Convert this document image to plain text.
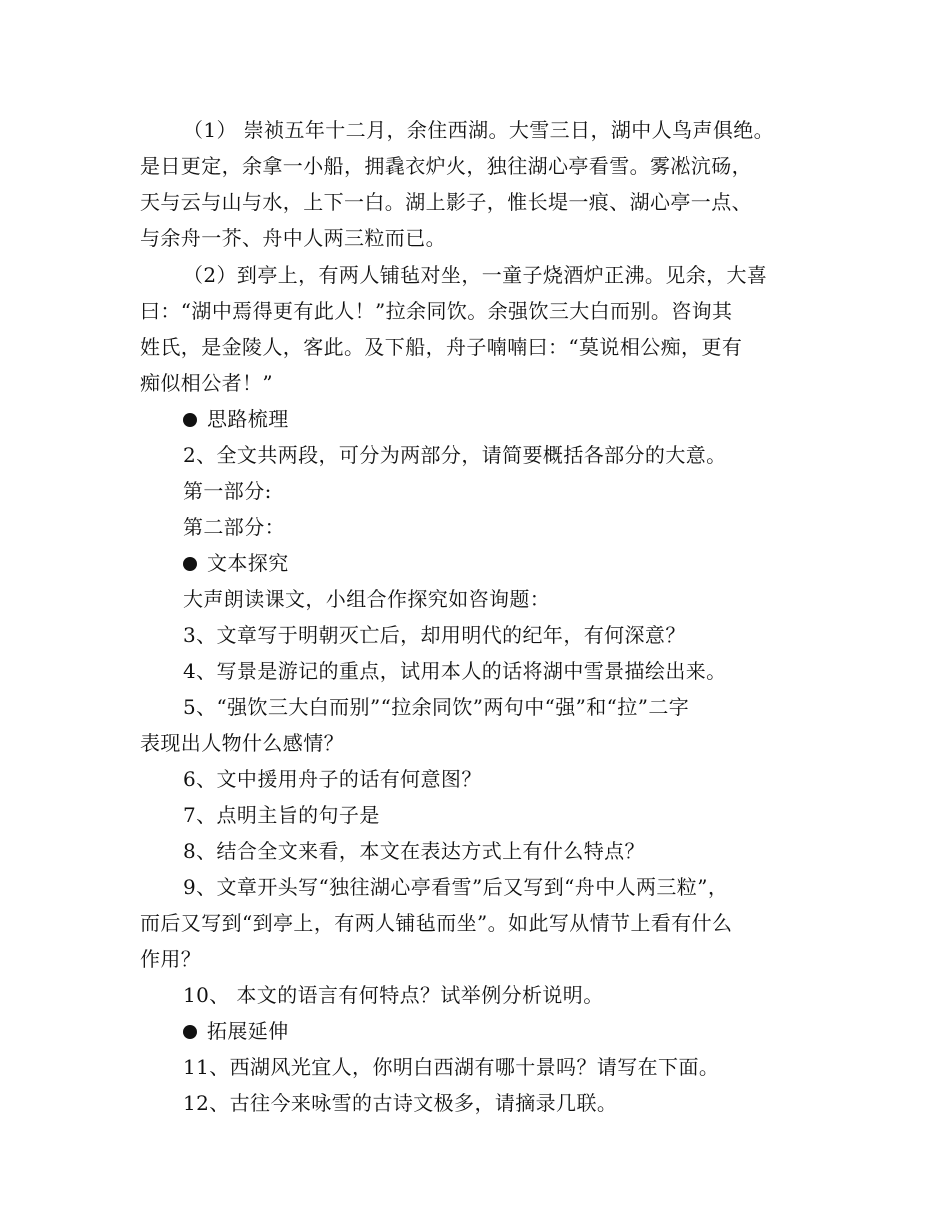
（1） 崇祯五年十二月，余住西湖。大雪三日，湖中人鸟声俱绝。
是日更定，余拿一小船，拥毳衣炉火，独往湖心亭看雪。雾凇沆砀，
天与云与山与水，上下一白。湖上影子，惟长堤一痕、湖心亭一点、
与余舟一芥、舟中人两三粒而已。
（2）到亭上，有两人铺毡对坐，一童子烧酒炉正沸。见余，大喜
曰：“湖中焉得更有此人！”拉余同饮。余强饮三大白而别。咨询其
姓氏，是金陵人，客此。及下船，舟子喃喃曰：“莫说相公痴，更有
痴似相公者！”
思路梳理
2、全文共两段，可分为两部分，请简要概括各部分的大意。
第一部分:
第二部分：
文本探究
大声朗读课文，小组合作探究如咨询题：
3、文章写于明朝灭亡后，却用明代的纪年，有何深意？
4、写景是游记的重点，试用本人的话将湖中雪景描绘出来。
5、“强饮三大白而别”“拉余同饮”两句中“强”和“拉”二字
表现出人物什么感情？
6、文中援用舟子的话有何意图？
7、点明主旨的句子是
8、结合全文来看，本文在表达方式上有什么特点？
9、文章开头写“独往湖心亭看雪”后又写到“舟中人两三粒”，
而后又写到“到亭上，有两人铺毡而坐”。如此写从情节上看有什么
作用？
10、 本文的语言有何特点？试举例分析说明。
拓展延伸
11、西湖风光宜人，你明白西湖有哪十景吗？请写在下面。
12、古往今来咏雪的古诗文极多，请摘录几联。
